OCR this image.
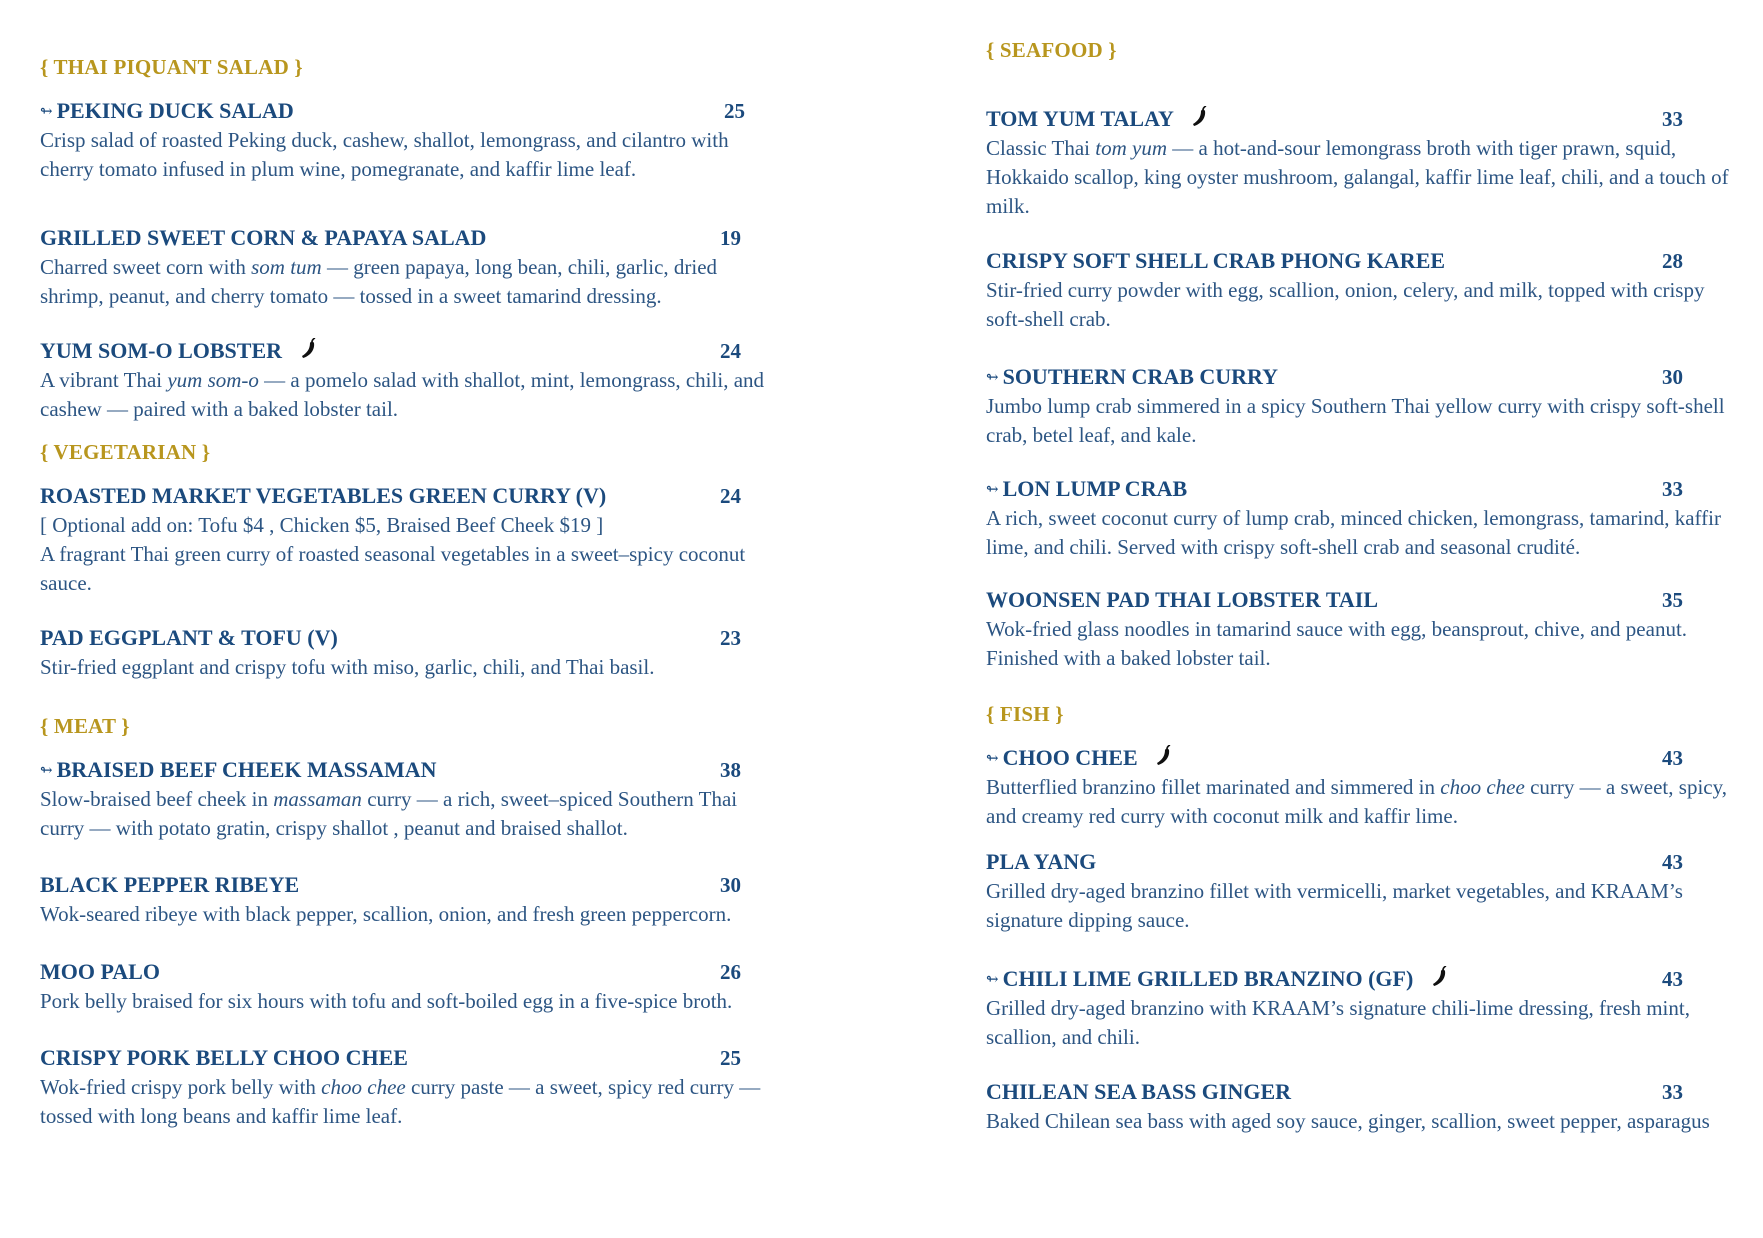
{ THAI PIQUANT SALAD }
↬ PEKING DUCK SALAD	25

Crisp salad of roasted Peking duck, cashew, shallot, lemongrass, and cilantro with cherry tomato infused in plum wine, pomegranate, and kaffir lime leaf.

GRILLED SWEET CORN & PAPAYA SALAD	19

Charred sweet corn with som tum — green papaya, long bean, chili, garlic, dried shrimp, peanut, and cherry tomato — tossed in a sweet tamarind dressing.

YUM SOM-O LOBSTER	24

A vibrant Thai yum som-o — a pomelo salad with shallot, mint, lemongrass, chili, and cashew — paired with a baked lobster tail.

{ VEGETARIAN }
ROASTED MARKET VEGETABLES GREEN CURRY (V)	24
[ Optional add on: Tofu $4 , Chicken $5, Braised Beef Cheek $19 ]

A fragrant Thai green curry of roasted seasonal vegetables in a sweet–spicy coconut sauce.

PAD EGGPLANT & TOFU (V)	23

Stir-fried eggplant and crispy tofu with miso, garlic, chili, and Thai basil.

{ MEAT }
↬ BRAISED BEEF CHEEK MASSAMAN	38

Slow-braised beef cheek in massaman curry — a rich, sweet–spiced Southern Thai curry — with potato gratin, crispy shallot , peanut and braised shallot.

BLACK PEPPER RIBEYE	30

Wok-seared ribeye with black pepper, scallion, onion, and fresh green peppercorn.

MOO PALO	26

Pork belly braised for six hours with tofu and soft-boiled egg in a five-spice broth.

CRISPY PORK BELLY CHOO CHEE	25

Wok-fried crispy pork belly with choo chee curry paste — a sweet, spicy red curry — tossed with long beans and kaffir lime leaf.

{ SEAFOOD }
TOM YUM TALAY	33

Classic Thai tom yum — a hot-and-sour lemongrass broth with tiger prawn, squid, Hokkaido scallop, king oyster mushroom, galangal, kaffir lime leaf, chili, and a touch of milk.

CRISPY SOFT SHELL CRAB PHONG KAREE	28

Stir-fried curry powder with egg, scallion, onion, celery, and milk, topped with crispy soft-shell crab.

↬ SOUTHERN CRAB CURRY	30

Jumbo lump crab simmered in a spicy Southern Thai yellow curry with crispy soft-shell crab, betel leaf, and kale.

↬ LON LUMP CRAB	33

A rich, sweet coconut curry of lump crab, minced chicken, lemongrass, tamarind, kaffir lime, and chili. Served with crispy soft-shell crab and seasonal crudité.

WOONSEN PAD THAI LOBSTER TAIL	35

Wok-fried glass noodles in tamarind sauce with egg, beansprout, chive, and peanut. Finished with a baked lobster tail.

{ FISH }
↬ CHOO CHEE	43

Butterflied branzino fillet marinated and simmered in choo chee curry — a sweet, spicy, and creamy red curry with coconut milk and kaffir lime.

PLA YANG	43

Grilled dry-aged branzino fillet with vermicelli, market vegetables, and KRAAM’s signature dipping sauce.

↬ CHILI LIME GRILLED BRANZINO (GF)	43

Grilled dry-aged branzino with KRAAM’s signature chili-lime dressing, fresh mint, scallion, and chili.

CHILEAN SEA BASS GINGER	33

Baked Chilean sea bass with aged soy sauce, ginger, scallion, sweet pepper, asparagus
